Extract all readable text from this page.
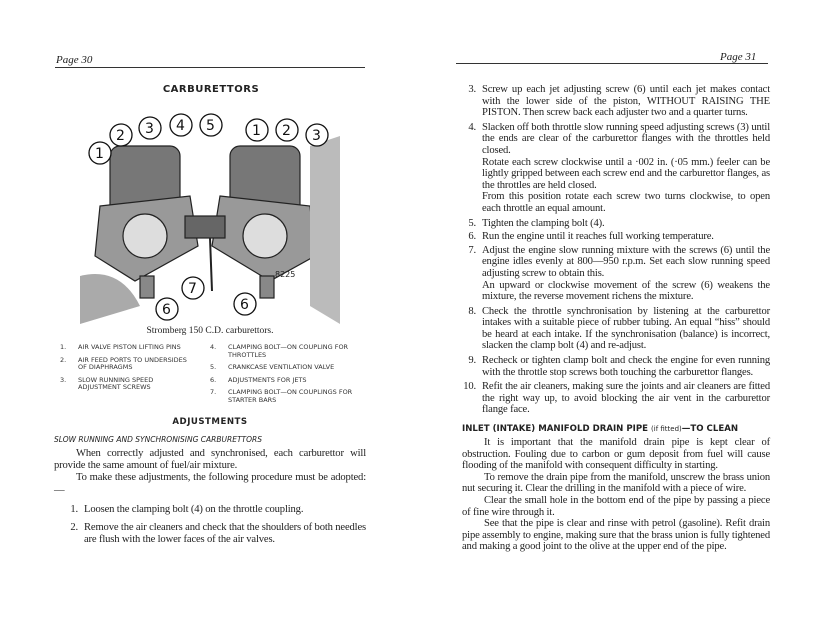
Page 30
CARBURETTORS
1
2 3 4 5	1 2 3
7
6	6
8225
Stromberg 150 C.D. carburettors.
1.	AIR VALVE PISTON LIFTING PINS
2.	AIR FEED PORTS TO UNDERSIDES OF DIAPHRAGMS
3.	SLOW RUNNING SPEED ADJUSTMENT SCREWS
4.	CLAMPING BOLT—ON COUPLING FOR THROTTLES
5.	CRANKCASE VENTILATION VALVE
6.	ADJUSTMENTS FOR JETS
7.	CLAMPING BOLT—ON COUPLINGS FOR STARTER BARS
ADJUSTMENTS
SLOW RUNNING AND SYNCHRONISING CARBURETTORS

When correctly adjusted and synchronised, each carburettor will provide the same amount of fuel/air mixture.

To make these adjustments, the following procedure must be adopted:—

1. Loosen the clamping bolt (4) on the throttle coupling.
2. Remove the air cleaners and check that the shoulders of both needles are flush with the lower faces of the air valves.
Page 31
3. Screw up each jet adjusting screw (6) until each jet makes contact with the lower side of the piston, WITHOUT RAISING THE PISTON. Then screw back each adjuster two and a quarter turns.
4. Slacken off both throttle slow running speed adjusting screws (3) until the ends are clear of the carburettor flanges with the throttles held closed.
Rotate each screw clockwise until a ·002 in. (·05 mm.) feeler can be lightly gripped between each screw end and the carburettor flanges, as the throttles are held closed.
From this position rotate each screw two turns clockwise, to open each throttle an equal amount.
5. Tighten the clamping bolt (4).
6. Run the engine until it reaches full working temperature.
7. Adjust the engine slow running mixture with the screws (6) until the engine idles evenly at 800—950 r.p.m. Set each slow running speed adjusting screw to obtain this.
An upward or clockwise movement of the screw (6) weakens the mixture, the reverse movement richens the mixture.
8. Check the throttle synchronisation by listening at the carburettor intakes with a suitable piece of rubber tubing. An equal “hiss” should be heard at each intake. If the synchronisation (balance) is incorrect, slacken the clamp bolt (4) and re-adjust.
9. Recheck or tighten clamp bolt and check the engine for even running with the throttle stop screws both touching the carburettor flanges.
10. Refit the air cleaners, making sure the joints and air cleaners are fitted the right way up, to avoid blocking the air vent in the carburettor flange face.
INLET (INTAKE) MANIFOLD DRAIN PIPE (if fitted)—TO CLEAN

It is important that the manifold drain pipe is kept clear of obstruction. Fouling due to carbon or gum deposit from fuel will cause flooding of the manifold with consequent difficulty in starting.

To remove the drain pipe from the manifold, unscrew the brass union nut securing it. Clear the drilling in the manifold with a piece of wire.

Clear the small hole in the bottom end of the pipe by passing a piece of fine wire through it.

See that the pipe is clear and rinse with petrol (gasoline). Refit drain pipe assembly to engine, making sure that the brass union is fully tightened and making a good joint to the olive at the upper end of the pipe.
